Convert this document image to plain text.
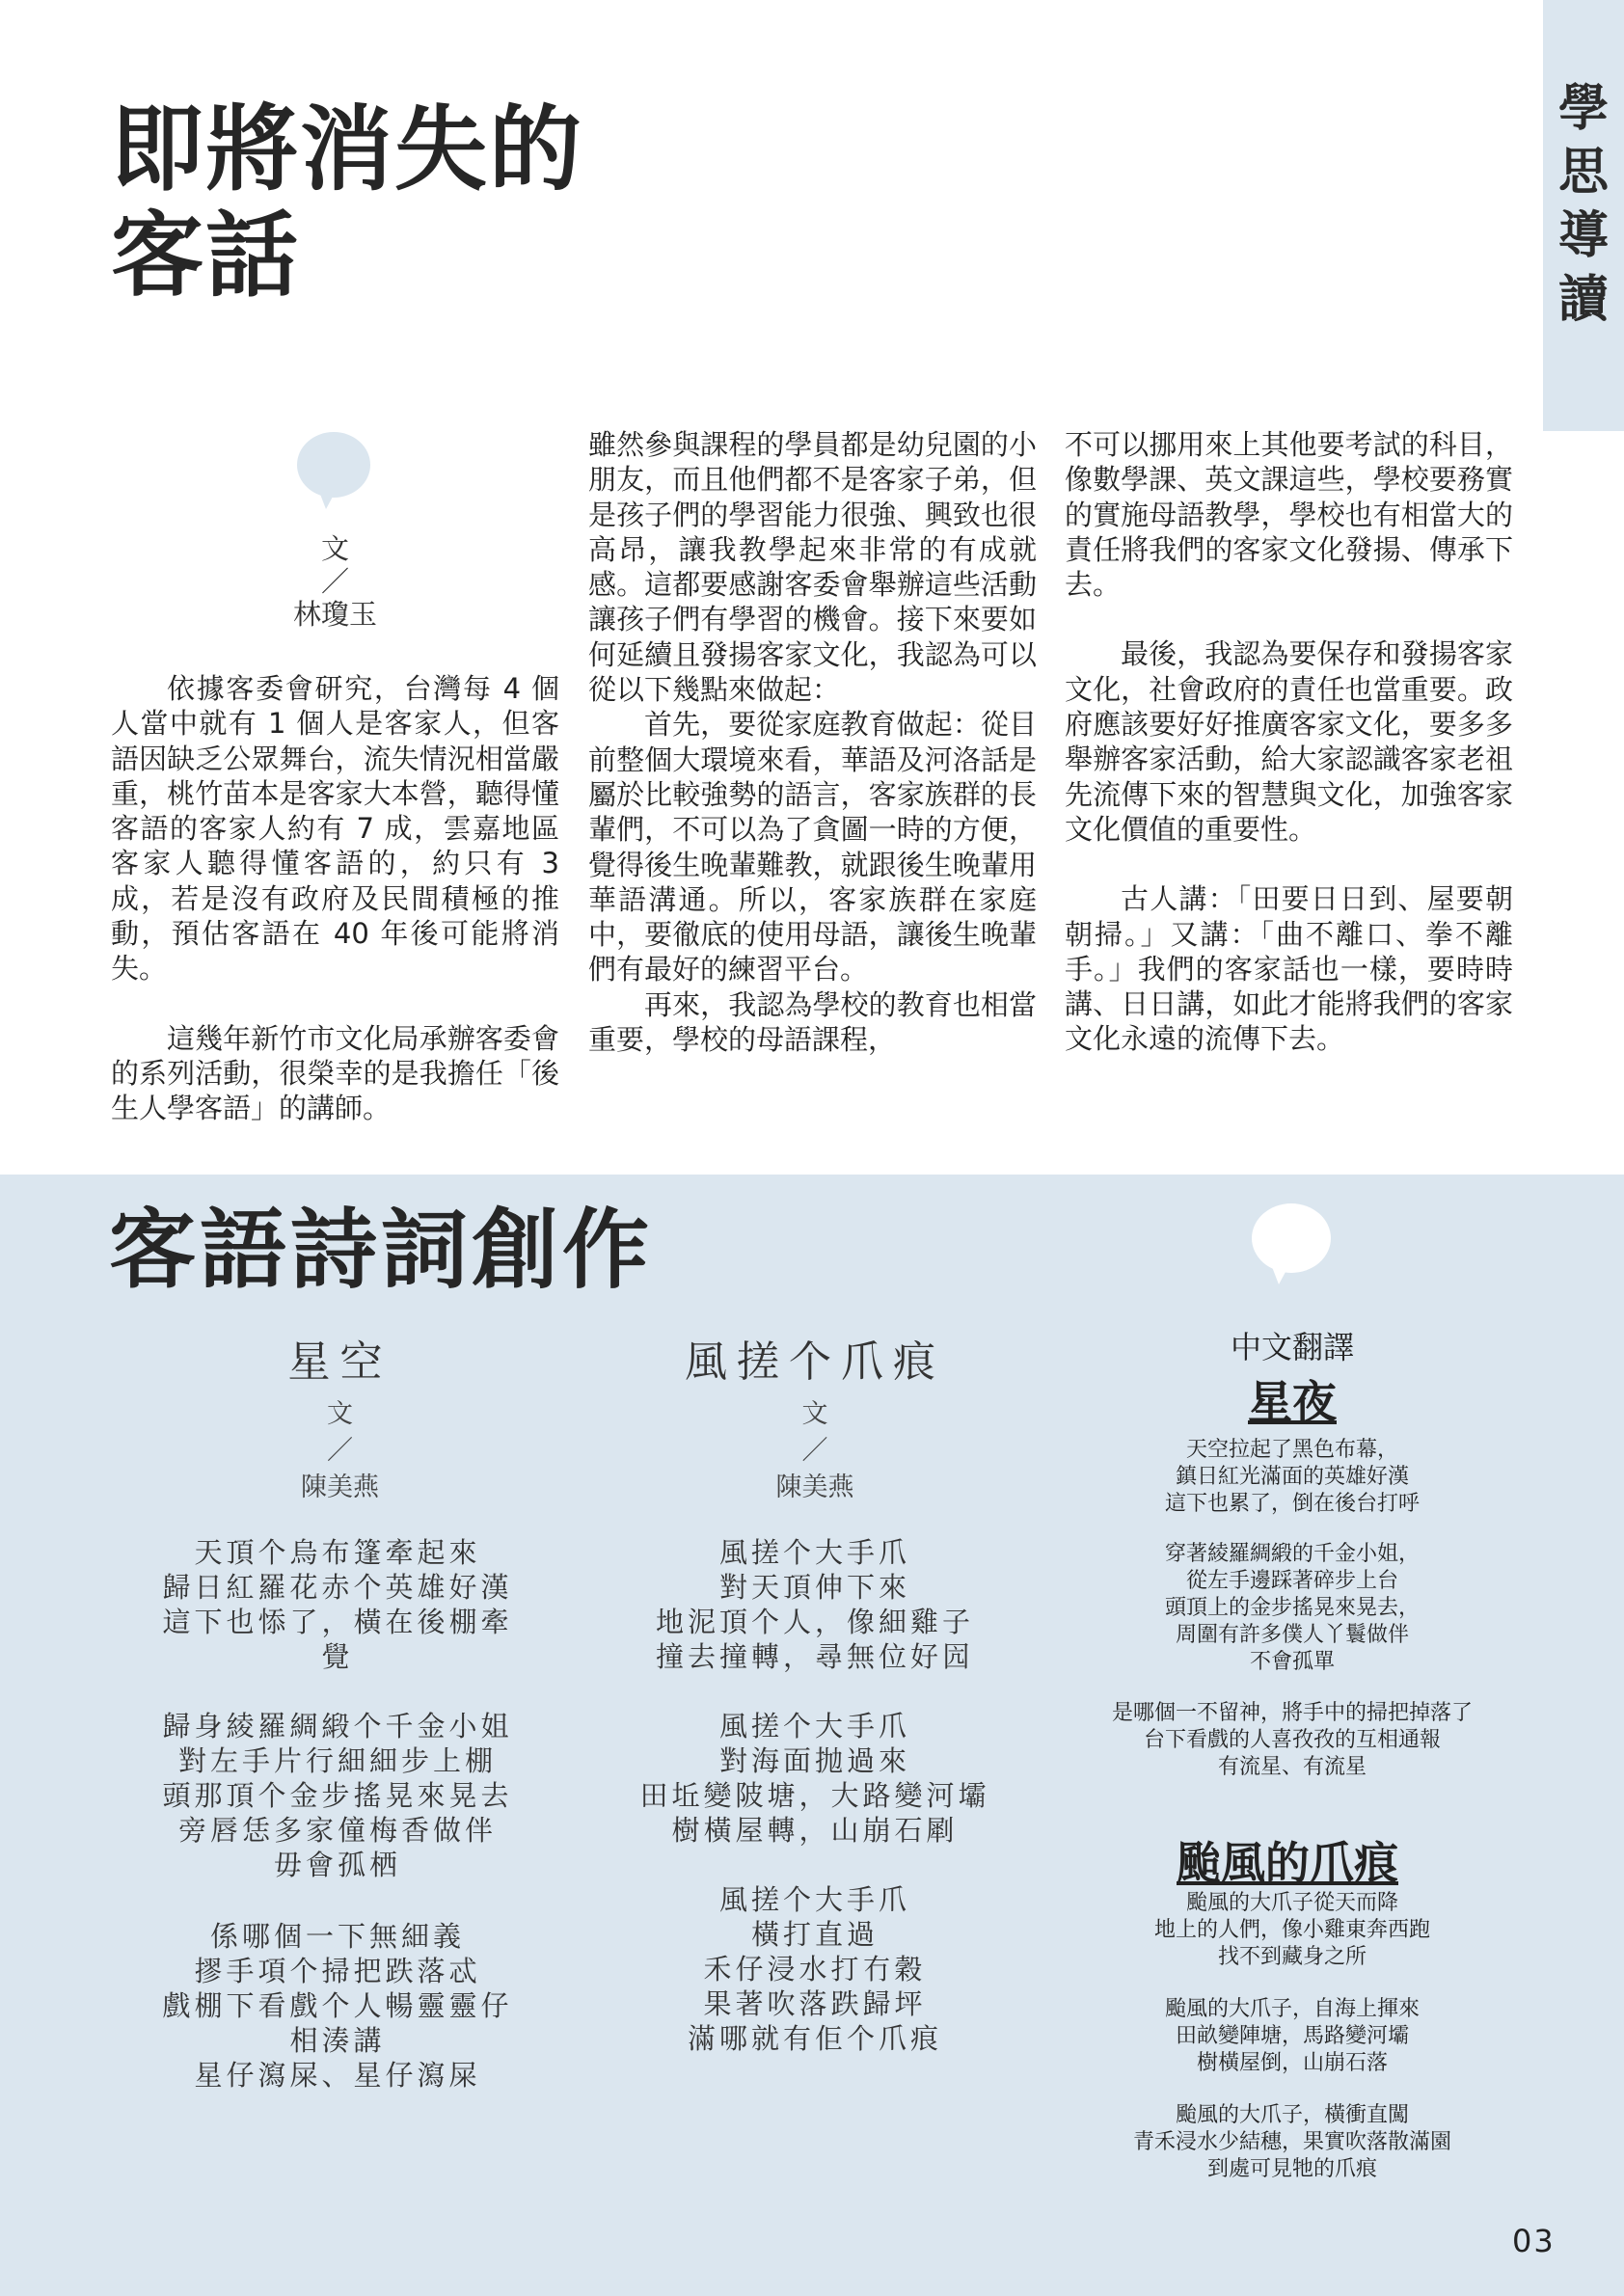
學
思
導
讀
即將消失的
客話
文
／
林瓊玉

依據客委會研究，台灣每 4 個人當中就有 1 個人是客家人，但客語因缺乏公眾舞台，流失情況相當嚴重，桃竹苗本是客家大本營，聽得懂客語的客家人約有 7 成，雲嘉地區客家人聽得懂客語的，約只有 3 成，若是沒有政府及民間積極的推動，預估客語在 40 年後可能將消失。

這幾年新竹市文化局承辦客委會的系列活動，很榮幸的是我擔任「後生人學客語」的講師。

雖然參與課程的學員都是幼兒園的小朋友，而且他們都不是客家子弟，但是孩子們的學習能力很強、興致也很高昂，讓我教學起來非常的有成就感。這都要感謝客委會舉辦這些活動讓孩子們有學習的機會。接下來要如何延續且發揚客家文化，我認為可以從以下幾點來做起：

首先，要從家庭教育做起：從目前整個大環境來看，華語及河洛話是屬於比較強勢的語言，客家族群的長輩們，不可以為了貪圖一時的方便，覺得後生晚輩難教，就跟後生晚輩用華語溝通。所以，客家族群在家庭中，要徹底的使用母語，讓後生晚輩們有最好的練習平台。

再來，我認為學校的教育也相當重要，學校的母語課程，

不可以挪用來上其他要考試的科目，像數學課、英文課這些，學校要務實的實施母語教學，學校也有相當大的責任將我們的客家文化發揚、傳承下去。

最後，我認為要保存和發揚客家文化，社會政府的責任也當重要。政府應該要好好推廣客家文化，要多多舉辦客家活動，給大家認識客家老祖先流傳下來的智慧與文化，加強客家文化價值的重要性。

古人講：「田要日日到、屋要朝朝掃。」又講：「曲不離口、拳不離手。」我們的客家話也一樣，要時時講、日日講，如此才能將我們的客家文化永遠的流傳下去。

客語詩詞創作
星空
文
／
陳美燕
天頂个烏布篷牽起來
歸日紅羅花赤个英雄好漢
這下也悿了，橫在後棚牽
覺
歸身綾羅綢緞个千金小姐
對左手片行細細步上棚
頭那頂个金步搖晃來晃去
旁唇恁多家僮梅香做伴
毋會孤栖
係哪個一下無細義
摎手項个掃把跌落忒
戲棚下看戲个人暢靈靈仔
相湊講
星仔瀉屎、星仔瀉屎
風搓个爪痕
文
／
陳美燕
風搓个大手爪
對天頂伸下來
地泥頂个人，像細雞子
撞去撞轉，尋無位好囥
風搓个大手爪
對海面抛過來
田坵變陂塘，大路變河壩
樹橫屋轉，山崩石㓾
風搓个大手爪
橫打直過
禾仔浸水打冇穀
果著吹落跌歸坪
滿哪就有佢个爪痕
中文翻譯
星夜
天空拉起了黑色布幕，
鎮日紅光滿面的英雄好漢
這下也累了，倒在後台打呼
穿著綾羅綢緞的千金小姐，
從左手邊踩著碎步上台
頭頂上的金步搖晃來晃去，
周圍有許多僕人丫鬟做伴
不會孤單
是哪個一不留神，將手中的掃把掉落了
台下看戲的人喜孜孜的互相通報
有流星、有流星
颱風的爪痕
颱風的大爪子從天而降
地上的人們，像小雞東奔西跑
找不到藏身之所
颱風的大爪子，自海上揮來
田畝變陣塘，馬路變河壩
樹橫屋倒，山崩石落
颱風的大爪子，橫衝直闖
青禾浸水少結穗，果實吹落散滿園
到處可見牠的爪痕
03
